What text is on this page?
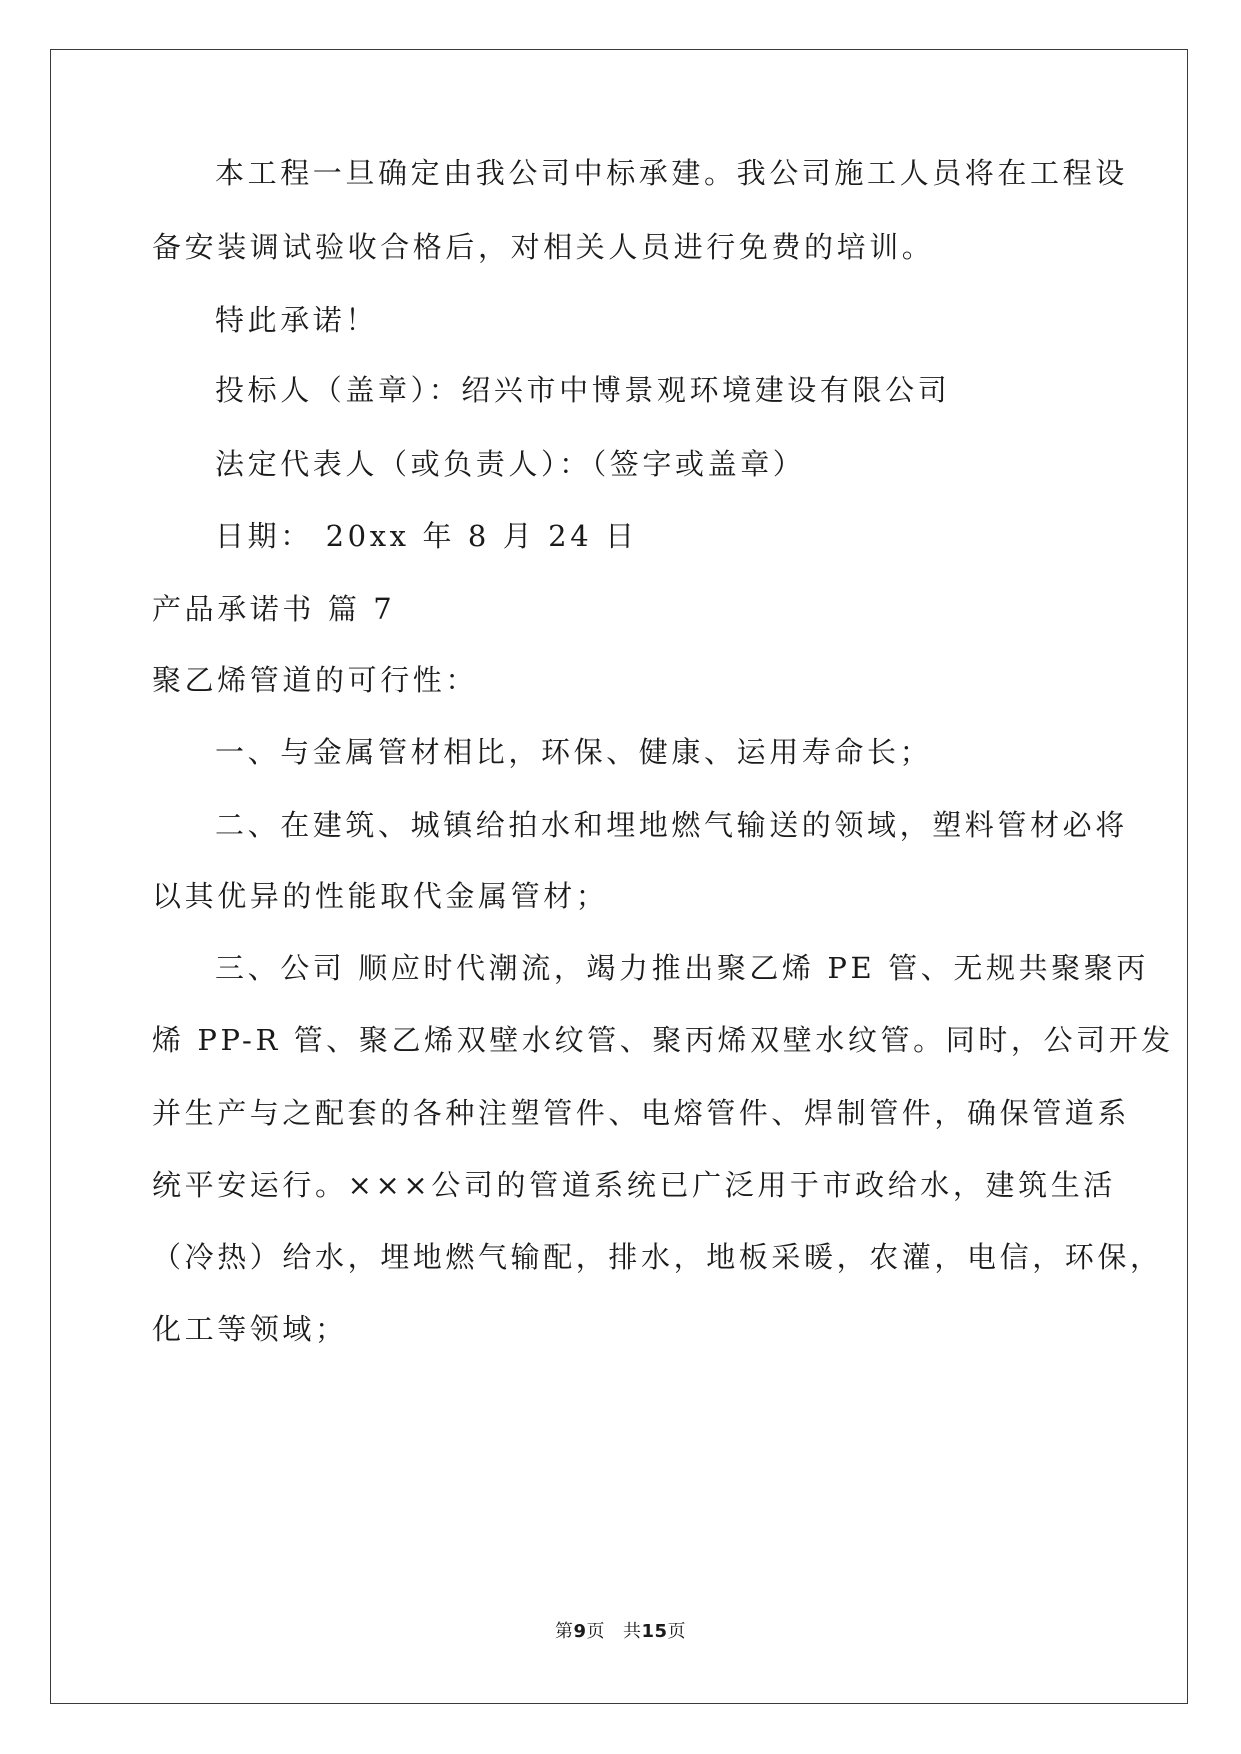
本工程一旦确定由我公司中标承建。我公司施工人员将在工程设
备安装调试验收合格后，对相关人员进行免费的培训。
特此承诺！
投标人（盖章）：绍兴市中博景观环境建设有限公司
法定代表人（或负责人）：（签字或盖章）
日期： 20xx 年 8 月 24 日
产品承诺书 篇 7
聚乙烯管道的可行性：
一、与金属管材相比，环保、健康、运用寿命长；
二、在建筑、城镇给拍水和埋地燃气输送的领域，塑料管材必将
以其优异的性能取代金属管材；
三、公司 顺应时代潮流，竭力推出聚乙烯 PE 管、无规共聚聚丙
烯 PP-R 管、聚乙烯双壁水纹管、聚丙烯双壁水纹管。同时，公司开发
并生产与之配套的各种注塑管件、电熔管件、焊制管件，确保管道系
统平安运行。×××公司的管道系统已广泛用于市政给水，建筑生活
（冷热）给水，埋地燃气输配，排水，地板采暖，农灌，电信，环保，
化工等领域；
第9页 共15页
